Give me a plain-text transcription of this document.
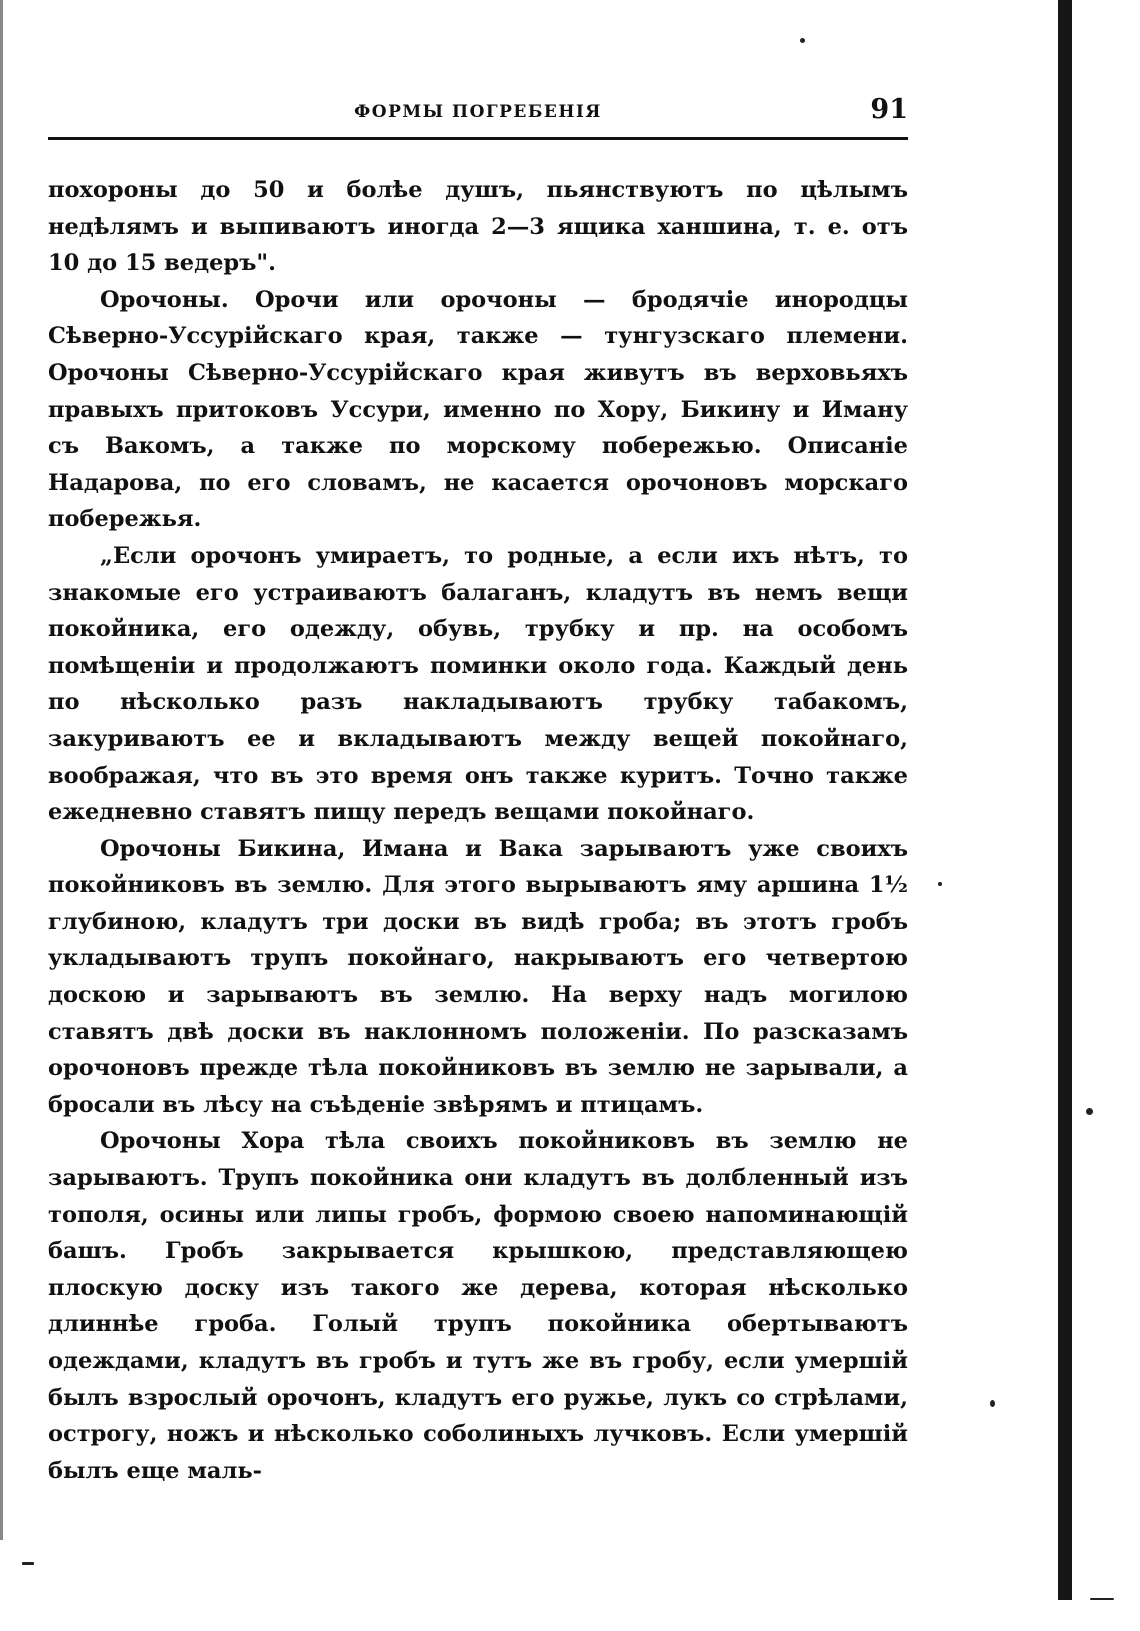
ФОРМЫ ПОГРЕБЕНІЯ	91

похороны до 50 и болѣе душъ, пьянствуютъ по цѣлымъ недѣлямъ и выпиваютъ иногда 2—3 ящика ханшина, т. е. отъ 10 до 15 ведеръ".

Орочоны. Орочи или орочоны — бродячіе инородцы Сѣверно-Уссурійскаго края, также — тунгузскаго племени. Орочоны Сѣверно-Уссурійскаго края живутъ въ верховьяхъ правыхъ притоковъ Уссури, именно по Хору, Бикину и Иману съ Вакомъ, а также по морскому побережью. Описаніе Надарова, по его словамъ, не касается орочоновъ морскаго побережья.

„Если орочонъ умираетъ, то родные, а если ихъ нѣтъ, то знакомые его устраиваютъ балаганъ, кладутъ въ немъ вещи покойника, его одежду, обувь, трубку и пр. на особомъ помѣщеніи и продолжаютъ поминки около года. Каждый день по нѣсколько разъ накладываютъ трубку табакомъ, закуриваютъ ее и вкладываютъ между вещей покойнаго, воображая, что въ это время онъ также куритъ. Точно также ежедневно ставятъ пищу передъ вещами покойнаго.

Орочоны Бикина, Имана и Вака зарываютъ уже своихъ покойниковъ въ землю. Для этого вырываютъ яму аршина 1½ глубиною, кладутъ три доски въ видѣ гроба; въ этотъ гробъ укладываютъ трупъ покойнаго, накрываютъ его четвертою доскою и зарываютъ въ землю. На верху надъ могилою ставятъ двѣ доски въ наклонномъ положеніи. По разсказамъ орочоновъ прежде тѣла покойниковъ въ землю не зарывали, а бросали въ лѣсу на съѣденіе звѣрямъ и птицамъ.

Орочоны Хора тѣла своихъ покойниковъ въ землю не зарываютъ. Трупъ покойника они кладутъ въ долбленный изъ тополя, осины или липы гробъ, формою своею напоминающій башъ. Гробъ закрывается крышкою, представляющею плоскую доску изъ такого же дерева, которая нѣсколько длиннѣе гроба. Голый трупъ покойника обертываютъ одеждами, кладутъ въ гробъ и тутъ же въ гробу, если умершій былъ взрослый орочонъ, кладутъ его ружье, лукъ со стрѣлами, острогу, ножъ и нѣсколько соболиныхъ лучковъ. Если умершій былъ еще маль-
